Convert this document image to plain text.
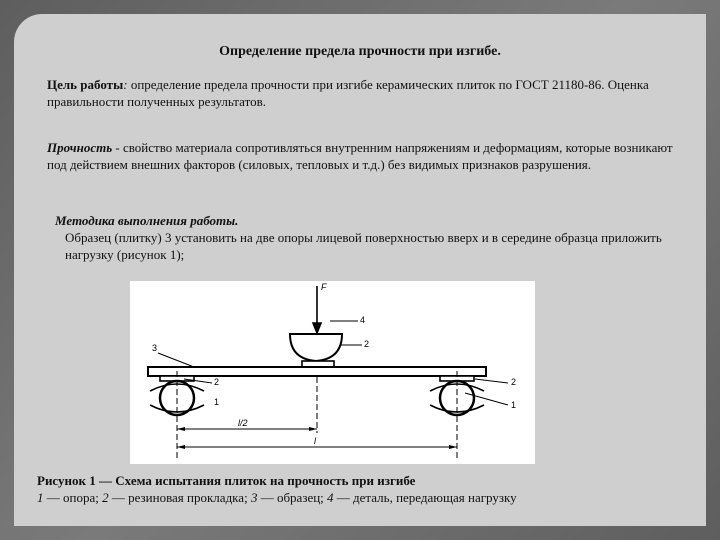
Определение предела прочности при изгибе.
Цель работы: определение предела прочности при изгибе керамических плиток по ГОСТ 21180-86. Оценка правильности полученных результатов.
Прочность - свойство материала сопротивляться внутренним напряжениям и деформациям, которые возникают под действием внешних факторов (силовых, тепловых и т.д.) без видимых признаков разрушения.
Методика выполнения работы.
Образец (плитку) 3 установить на две опоры лицевой поверхностью вверх и в середине образца приложить нагрузку (рисунок 1);
F
4
2
3
2
1
2
1
l/2
l
Рисунок 1 — Схема испытания плиток на прочность при изгибе
1 — опора; 2 — резиновая прокладка; 3 — образец; 4 — деталь, передающая нагрузку
